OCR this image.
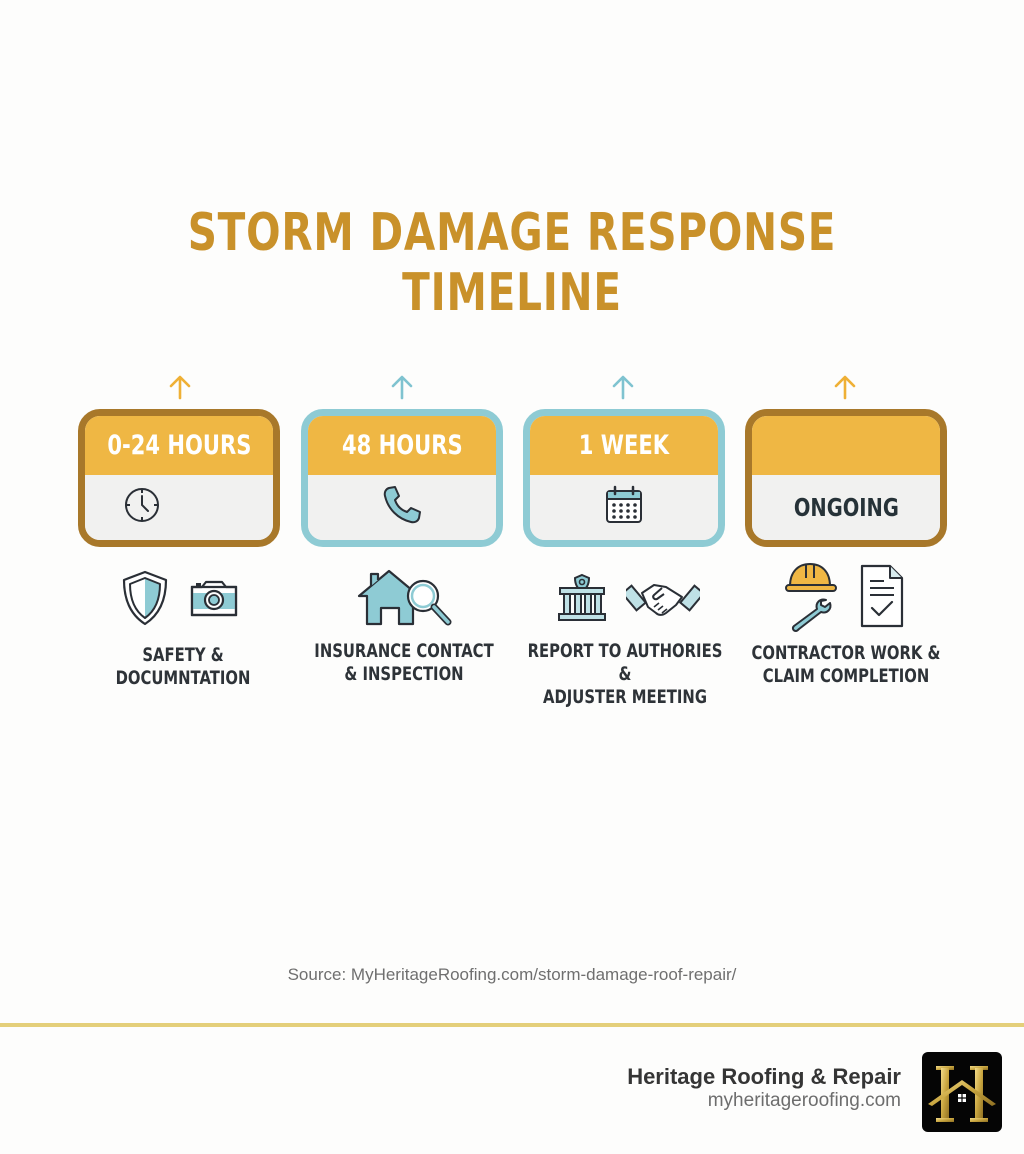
STORM DAMAGE RESPONSE TIMELINE
0-24 HOURS	48 HOURS	1 WEEK
ONGOING
SAFETY & DOCUMNTATION
INSURANCE CONTACT
& INSPECTION
REPORT TO AUTHORIES &
ADJUSTER MEETING
CONTRACTOR WORK &
CLAIM COMPLETION
Source: MyHeritageRoofing.com/storm-damage-roof-repair/
Heritage Roofing & Repair
myheritageroofing.com
